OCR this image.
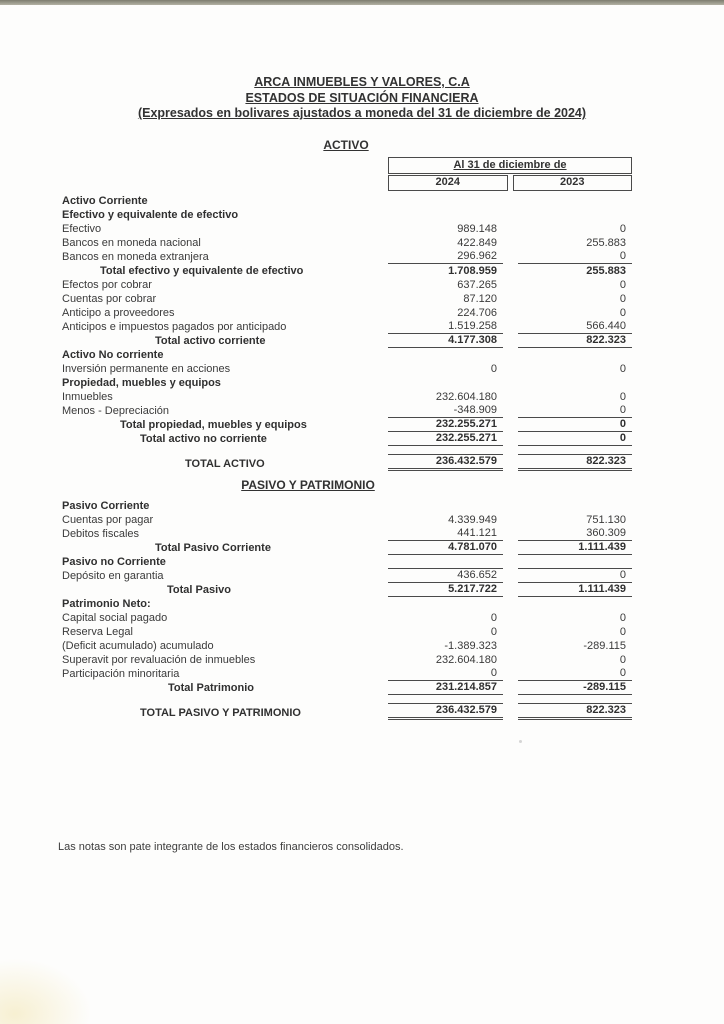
ARCA INMUEBLES Y VALORES, C.A
ESTADOS DE SITUACIÓN FINANCIERA
(Expresados en bolivares ajustados a moneda del 31 de diciembre de 2024)
ACTIVO
Al 31 de diciembre de
2024	2023
Activo Corriente
Efectivo y equivalente de efectivo
Efectivo	989.148	0
Bancos en moneda nacional	422.849	255.883
Bancos en moneda extranjera	296.962	0
Total efectivo y equivalente de efectivo	1.708.959	255.883
Efectos por cobrar	637.265	0
Cuentas por cobrar	87.120	0
Anticipo a proveedores	224.706	0
Anticipos e impuestos pagados por anticipado	1.519.258	566.440
Total activo corriente	4.177.308	822.323
Activo No corriente
Inversión permanente en acciones	0	0
Propiedad, muebles y equipos
Inmuebles	232.604.180	0
Menos - Depreciación	-348.909	0
Total propiedad, muebles y equipos	232.255.271	0
Total activo no corriente	232.255.271	0
TOTAL ACTIVO	236.432.579	822.323
PASIVO Y PATRIMONIO
Pasivo Corriente
Cuentas por pagar	4.339.949	751.130
Debitos fiscales	441.121	360.309
Total Pasivo Corriente	4.781.070	1.111.439
Pasivo no Corriente
Depósito en garantia	436.652	0
Total Pasivo	5.217.722	1.111.439
Patrimonio Neto:
Capital social pagado	0	0
Reserva Legal	0	0
(Deficit acumulado) acumulado	-1.389.323	-289.115
Superavit por revaluación de inmuebles	232.604.180	0
Participación minoritaria	0	0
Total Patrimonio	231.214.857	-289.115
TOTAL PASIVO Y PATRIMONIO	236.432.579	822.323
Las notas son pate integrante de los estados financieros consolidados.
